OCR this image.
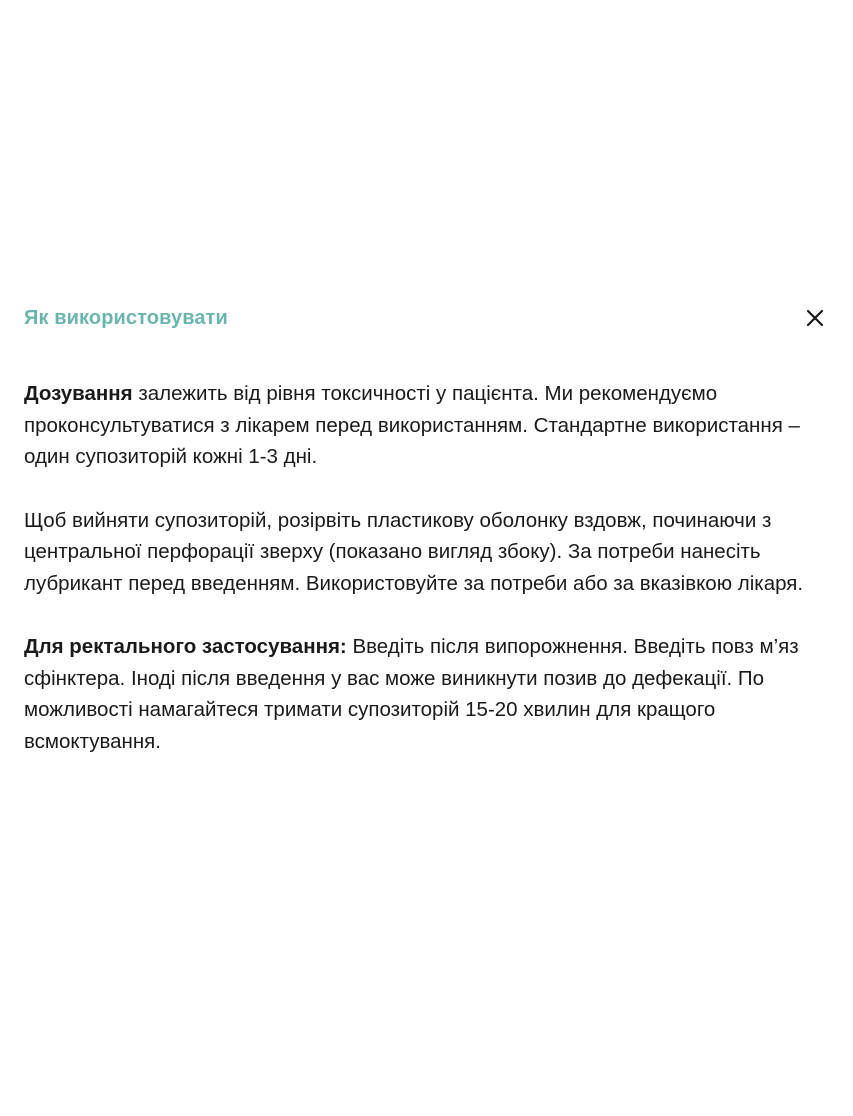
Як використовувати

Дозування залежить від рівня токсичності у пацієнта. Ми рекомендуємо проконсультуватися з лікарем перед використанням. Стандартне використання – один супозиторій кожні 1-3 дні.

Щоб вийняти супозиторій, розірвіть пластикову оболонку вздовж, починаючи з центральної перфорації зверху (показано вигляд збоку). За потреби нанесіть лубрикант перед введенням. Використовуйте за потреби або за вказівкою лікаря.

Для ректального застосування: Введіть після випорожнення. Введіть повз м’яз сфінктера. Іноді після введення у вас може виникнути позив до дефекації. По можливості намагайтеся тримати супозиторій 15-20 хвилин для кращого всмоктування.
